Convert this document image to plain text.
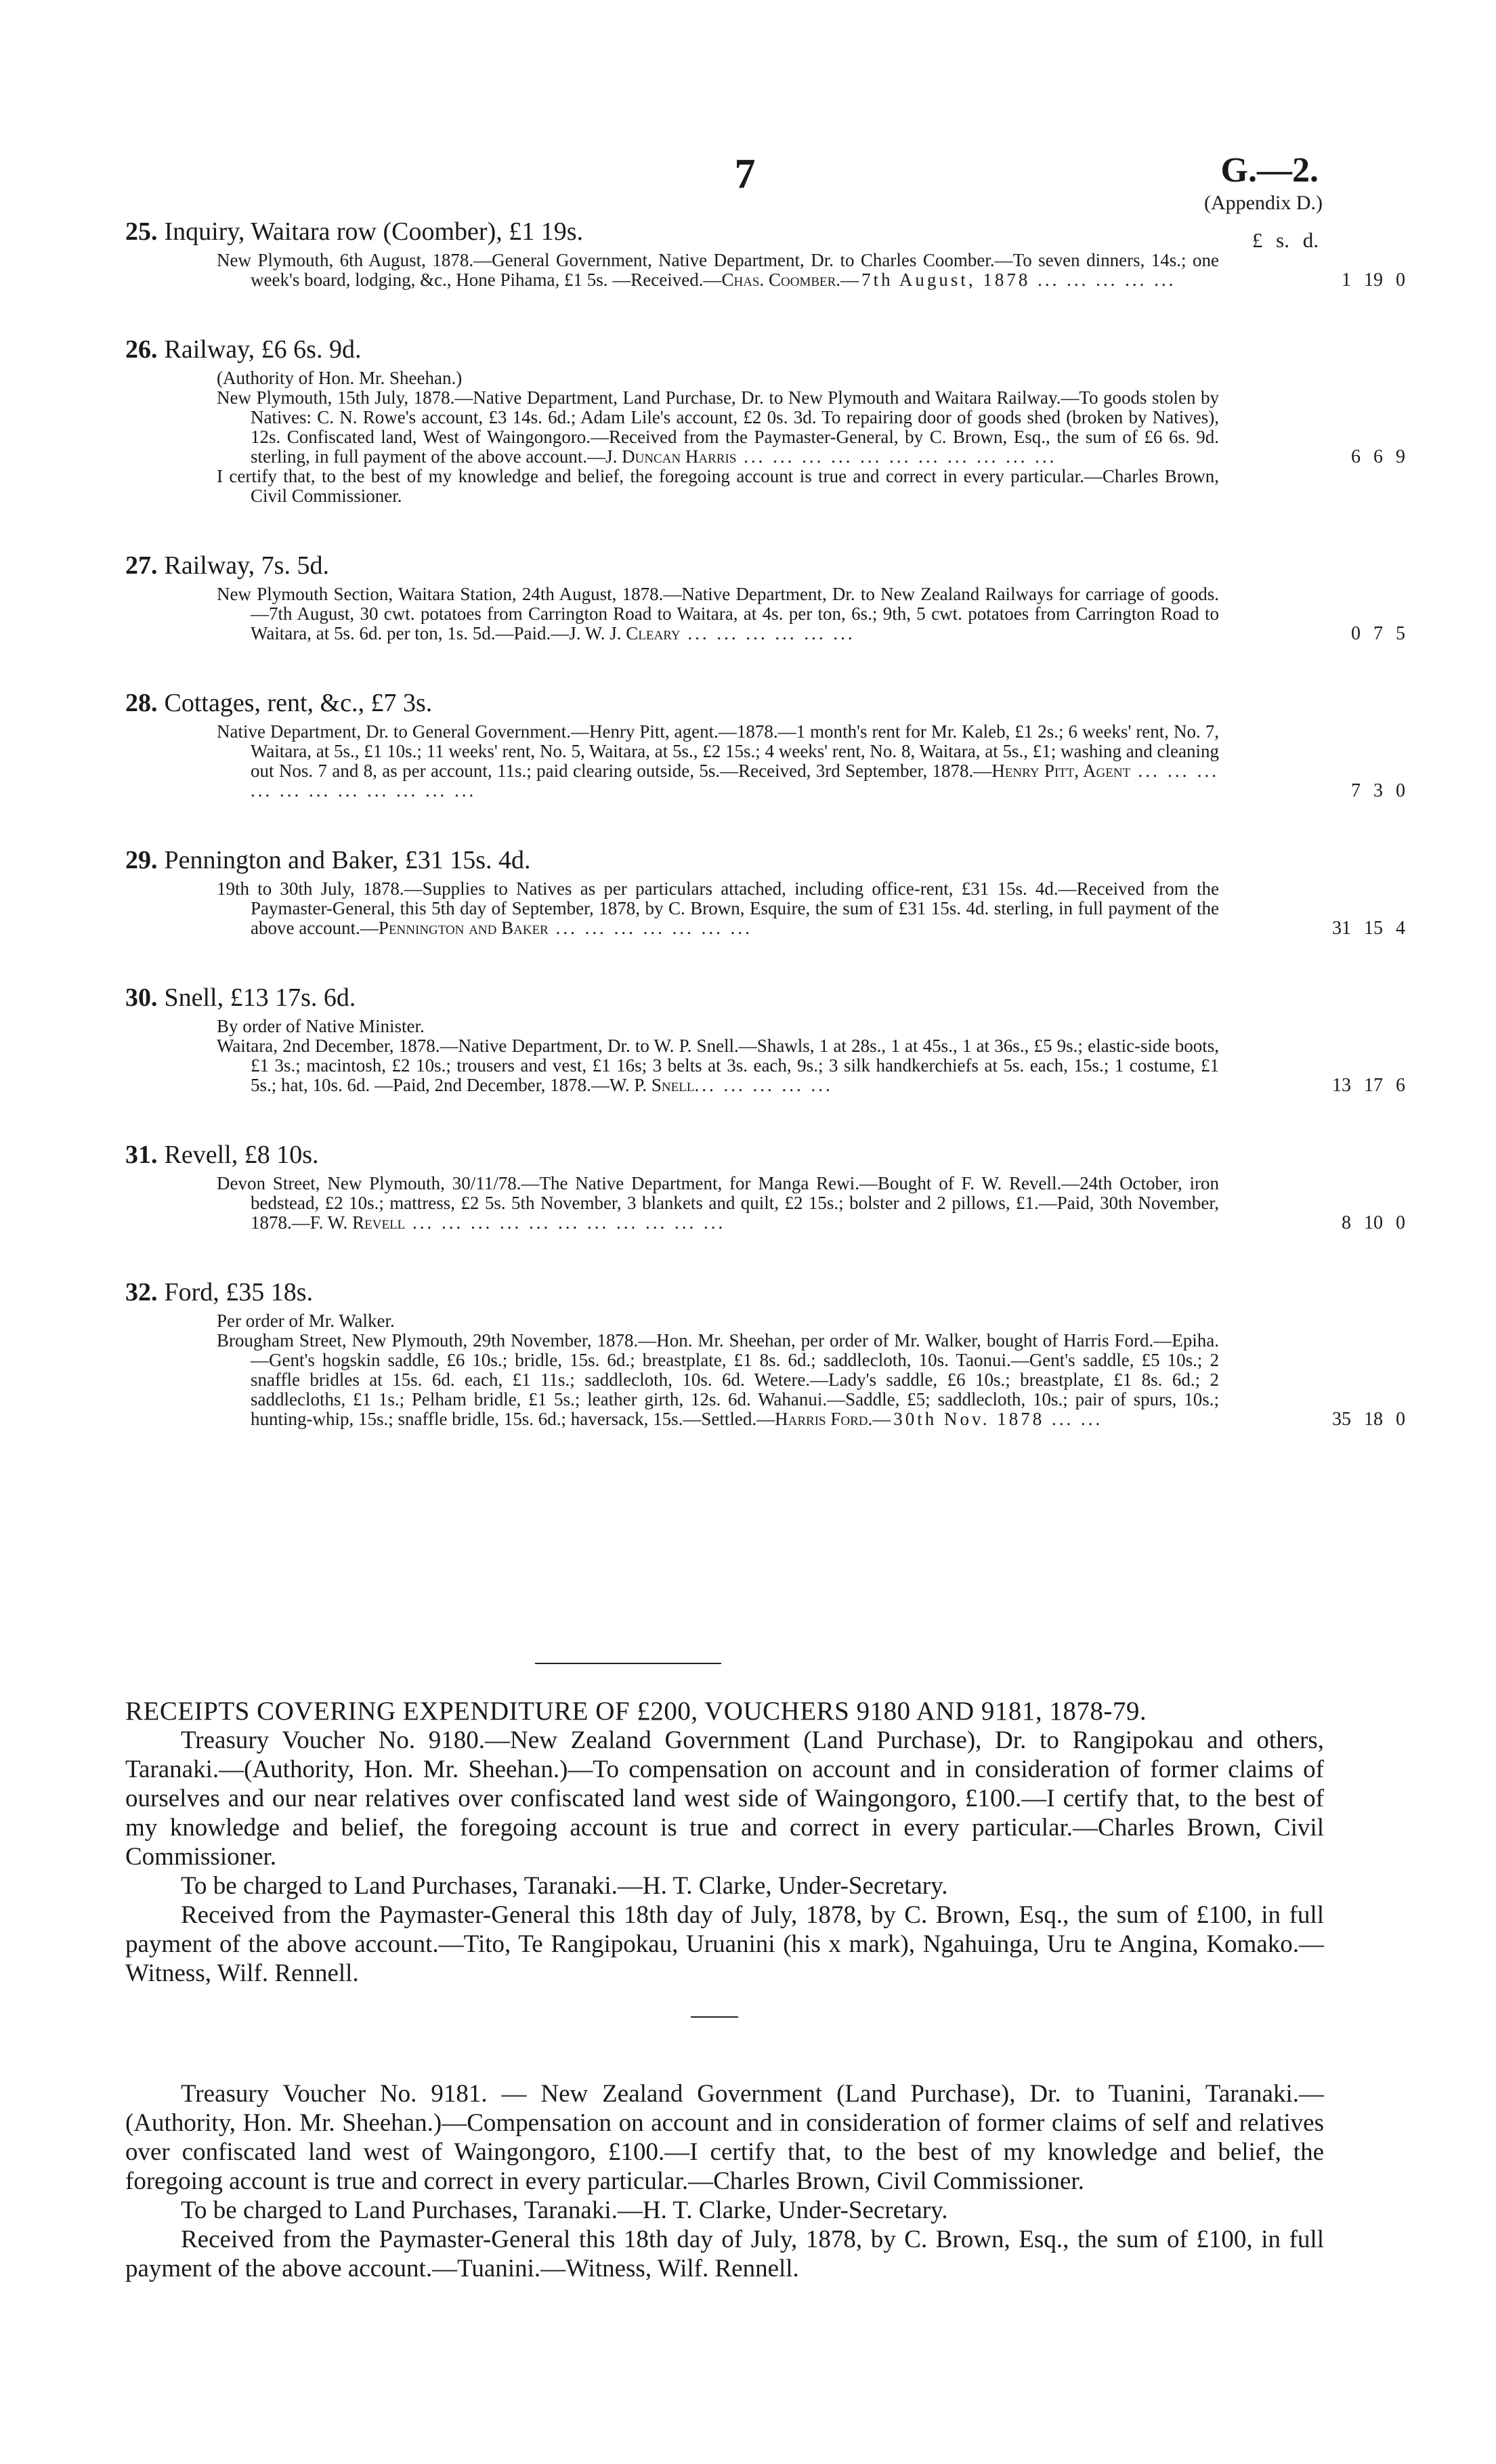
7	G.—2.
(Appendix D.)
£ s. d.
25. Inquiry, Waitara row (Coomber), £1 19s.
New Plymouth, 6th August, 1878.—General Government, Native Department, Dr. to Charles Coomber.—To seven dinners, 14s.; one week's board, lodging, &c., Hone Pihama, £1 5s. —Received.—Chas. Coomber.—7th August, 1878 ... ... ... ... ...	1 19 0
26. Railway, £6 6s. 9d.
(Authority of Hon. Mr. Sheehan.)
New Plymouth, 15th July, 1878.—Native Department, Land Purchase, Dr. to New Plymouth and Waitara Railway.—To goods stolen by Natives: C. N. Rowe's account, £3 14s. 6d.; Adam Lile's account, £2 0s. 3d. To repairing door of goods shed (broken by Natives), 12s. Confiscated land, West of Waingongoro.—Received from the Paymaster-General, by C. Brown, Esq., the sum of £6 6s. 9d. sterling, in full payment of the above account.—J. Duncan Harris ... ... ... ... ... ... ... ... ... ... ...	6 6 9
I certify that, to the best of my knowledge and belief, the foregoing account is true and correct in every particular.—Charles Brown, Civil Commissioner.
27. Railway, 7s. 5d.
New Plymouth Section, Waitara Station, 24th August, 1878.—Native Department, Dr. to New Zealand Railways for carriage of goods.—7th August, 30 cwt. potatoes from Carrington Road to Waitara, at 4s. per ton, 6s.; 9th, 5 cwt. potatoes from Carrington Road to Waitara, at 5s. 6d. per ton, 1s. 5d.—Paid.—J. W. J. Cleary ... ... ... ... ... ...	0 7 5
28. Cottages, rent, &c., £7 3s.
Native Department, Dr. to General Government.—Henry Pitt, agent.—1878.—1 month's rent for Mr. Kaleb, £1 2s.; 6 weeks' rent, No. 7, Waitara, at 5s., £1 10s.; 11 weeks' rent, No. 5, Waitara, at 5s., £2 15s.; 4 weeks' rent, No. 8, Waitara, at 5s., £1; washing and cleaning out Nos. 7 and 8, as per account, 11s.; paid clearing outside, 5s.—Received, 3rd September, 1878.—Henry Pitt, Agent ... ... ... ... ... ... ... ... ... ... ...	7 3 0
29. Pennington and Baker, £31 15s. 4d.
19th to 30th July, 1878.—Supplies to Natives as per particulars attached, including office-rent, £31 15s. 4d.—Received from the Paymaster-General, this 5th day of September, 1878, by C. Brown, Esquire, the sum of £31 15s. 4d. sterling, in full payment of the above account.—Pennington and Baker ... ... ... ... ... ... ...	31 15 4
30. Snell, £13 17s. 6d.
By order of Native Minister.
Waitara, 2nd December, 1878.—Native Department, Dr. to W. P. Snell.—Shawls, 1 at 28s., 1 at 45s., 1 at 36s., £5 9s.; elastic-side boots, £1 3s.; macintosh, £2 10s.; trousers and vest, £1 16s; 3 belts at 3s. each, 9s.; 3 silk handkerchiefs at 5s. each, 15s.; 1 costume, £1 5s.; hat, 10s. 6d. —Paid, 2nd December, 1878.—W. P. Snell... ... ... ... ...	13 17 6
31. Revell, £8 10s.
Devon Street, New Plymouth, 30/11/78.—The Native Department, for Manga Rewi.—Bought of F. W. Revell.—24th October, iron bedstead, £2 10s.; mattress, £2 5s. 5th November, 3 blankets and quilt, £2 15s.; bolster and 2 pillows, £1.—Paid, 30th November, 1878.—F. W. Revell ... ... ... ... ... ... ... ... ... ... ...	8 10 0
32. Ford, £35 18s.
Per order of Mr. Walker.
Brougham Street, New Plymouth, 29th November, 1878.—Hon. Mr. Sheehan, per order of Mr. Walker, bought of Harris Ford.—Epiha.—Gent's hogskin saddle, £6 10s.; bridle, 15s. 6d.; breastplate, £1 8s. 6d.; saddlecloth, 10s. Taonui.—Gent's saddle, £5 10s.; 2 snaffle bridles at 15s. 6d. each, £1 11s.; saddlecloth, 10s. 6d. Wetere.—Lady's saddle, £6 10s.; breastplate, £1 8s. 6d.; 2 saddlecloths, £1 1s.; Pelham bridle, £1 5s.; leather girth, 12s. 6d. Wahanui.—Saddle, £5; saddlecloth, 10s.; pair of spurs, 10s.; hunting-whip, 15s.; snaffle bridle, 15s. 6d.; haversack, 15s.—Settled.—Harris Ford.—30th Nov. 1878 ... ...	35 18 0

RECEIPTS COVERING EXPENDITURE OF £200, VOUCHERS 9180 AND 9181, 1878-79.

Treasury Voucher No. 9180.—New Zealand Government (Land Purchase), Dr. to Rangipokau and others, Taranaki.—(Authority, Hon. Mr. Sheehan.)—To compensation on account and in consideration of former claims of ourselves and our near relatives over confiscated land west side of Waingongoro, £100.—I certify that, to the best of my knowledge and belief, the foregoing account is true and correct in every particular.—Charles Brown, Civil Commissioner.

To be charged to Land Purchases, Taranaki.—H. T. Clarke, Under-Secretary.

Received from the Paymaster-General this 18th day of July, 1878, by C. Brown, Esq., the sum of £100, in full payment of the above account.—Tito, Te Rangipokau, Uruanini (his x mark), Ngahuinga, Uru te Angina, Komako.—Witness, Wilf. Rennell.

Treasury Voucher No. 9181. — New Zealand Government (Land Purchase), Dr. to Tuanini, Taranaki.—(Authority, Hon. Mr. Sheehan.)—Compensation on account and in consideration of former claims of self and relatives over confiscated land west of Waingongoro, £100.—I certify that, to the best of my knowledge and belief, the foregoing account is true and correct in every particular.—Charles Brown, Civil Commissioner.

To be charged to Land Purchases, Taranaki.—H. T. Clarke, Under-Secretary.

Received from the Paymaster-General this 18th day of July, 1878, by C. Brown, Esq., the sum of £100, in full payment of the above account.—Tuanini.—Witness, Wilf. Rennell.
